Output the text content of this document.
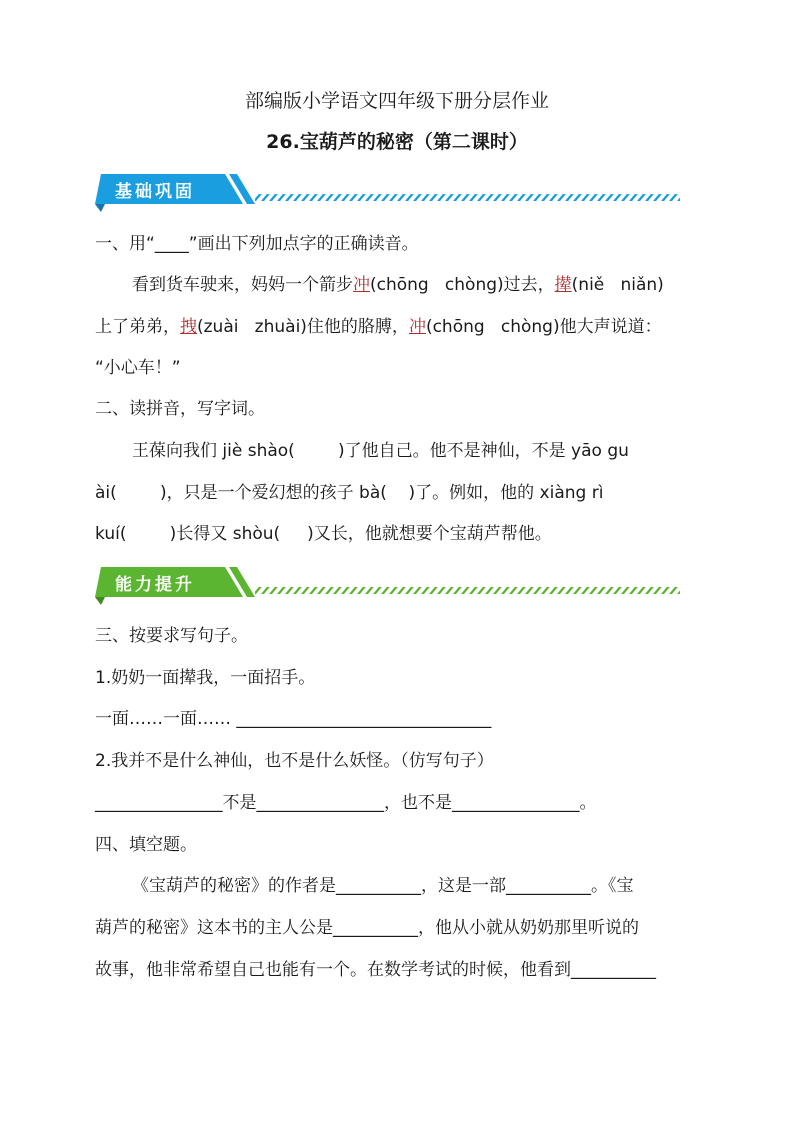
部编版小学语文四年级下册分层作业
26.宝葫芦的秘密（第二课时）
基础巩固
一、用“____”画出下列加点字的正确读音。
看到货车驶来，妈妈一个箭步冲(chōng   chòng)过去，撵(niě   niǎn)
上了弟弟，拽(zuài   zhuài)住他的胳膊，冲(chōng   chòng)他大声说道：
“小心车！”
二、读拼音，写字词。
王葆向我们 jiè shào(        )了他自己。他不是神仙，不是 yāo gu
ài(        )，只是一个爱幻想的孩子 bà(    )了。例如，他的 xiàng rì
kuí(        )长得又 shòu(     )又长，他就想要个宝葫芦帮他。
能力提升
三、按要求写句子。
1.奶奶一面撵我，一面招手。
一面……一面…… ______________________________
2.我并不是什么神仙，也不是什么妖怪。（仿写句子）
_______________不是_______________，也不是_______________。
四、填空题。
《宝葫芦的秘密》的作者是__________，这是一部__________。《宝
葫芦的秘密》这本书的主人公是__________，他从小就从奶奶那里听说的
故事，他非常希望自己也能有一个。在数学考试的时候，他看到__________
